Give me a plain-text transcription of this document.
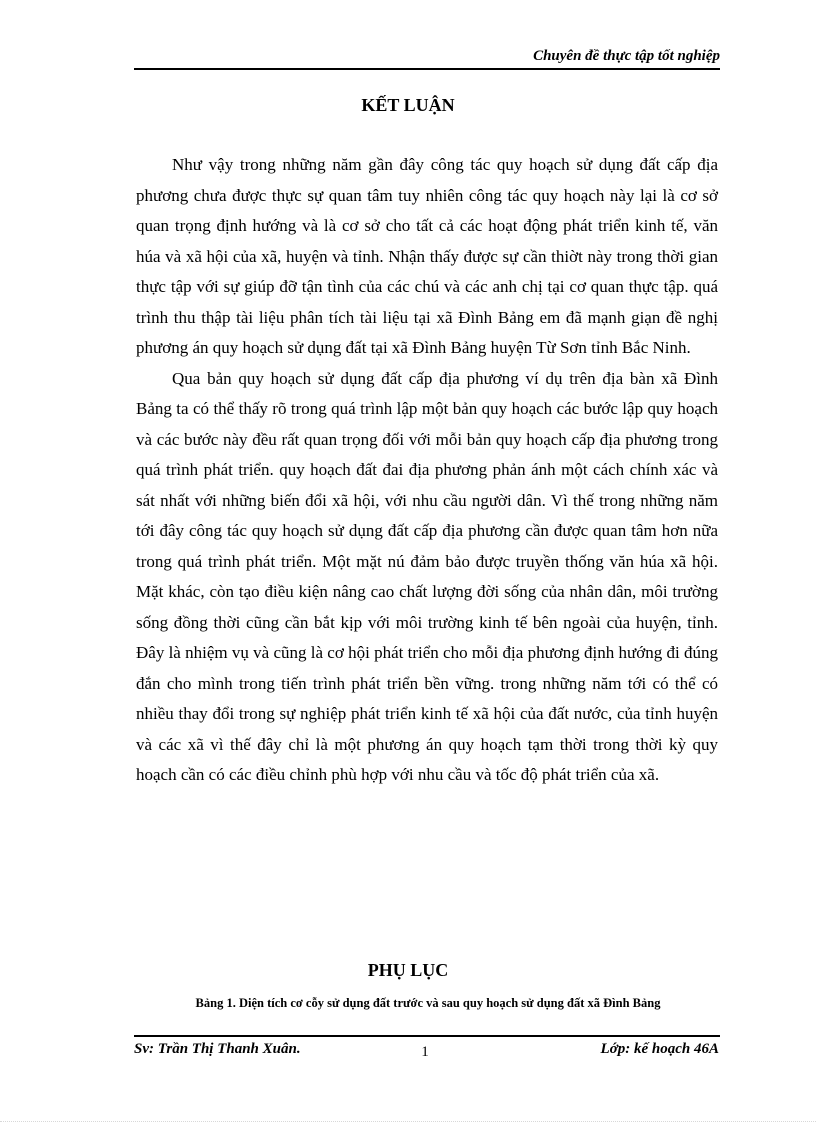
Chuyên đề thực tập tốt nghiệp
KẾT LUẬN

Như vậy trong những năm gần đây công tác quy hoạch sử dụng đất cấp địa phương chưa được thực sự quan tâm tuy nhiên công tác quy hoạch này lại là cơ sở quan trọng định hướng và là cơ sở cho tất cả các hoạt động phát triển kinh tế, văn húa và xã hội của xã, huyện và tỉnh. Nhận thấy được sự cần thiờt này trong thời gian thực tập với sự giúp đỡ tận tình của các chú và các anh chị tại cơ quan thực tập. quá trình thu thập tài liệu phân tích tài liệu tại xã Đình Bảng em đã mạnh giạn đề nghị phương án quy hoạch sử dụng đất tại xã Đình Bảng huyện Từ Sơn tỉnh Bắc Ninh.

Qua bản quy hoạch sử dụng đất cấp địa phương ví dụ trên địa bàn xã Đình Bảng ta có thể thấy rõ trong quá trình lập một bản quy hoạch các bước lập quy hoạch và các bước này đều rất quan trọng đối với mỗi bản quy hoạch cấp địa phương trong quá trình phát triển. quy hoạch đất đai địa phương phản ánh một cách chính xác và sát nhất với những biến đổi xã hội, với nhu cầu người dân. Vì thế trong những năm tới đây công tác quy hoạch sử dụng đất cấp địa phương cần được quan tâm hơn nữa trong quá trình phát triển. Một mặt nú đảm bảo được truyền thống văn húa xã hội. Mặt khác, còn tạo điều kiện nâng cao chất lượng đời sống của nhân dân, môi trường sống đồng thời cũng cần bắt kịp với môi trường kinh tế bên ngoài của huyện, tỉnh. Đây là nhiệm vụ và cũng là cơ hội phát triển cho mỗi địa phương định hướng đi đúng đắn cho mình trong tiến trình phát triển bền vững. trong những năm tới có thể có nhiều thay đổi trong sự nghiệp phát triển kinh tế xã hội của đất nước, của tỉnh huyện và các xã vì thế đây chỉ là một phương án quy hoạch tạm thời trong thời kỳ quy hoạch cần có các điều chỉnh phù hợp với nhu cầu và tốc độ phát triển của xã.

PHỤ LỤC
Bảng 1. Diện tích cơ cỗy sử dụng đất trước và sau quy hoạch sử dụng đất xã Đình Bảng
Sv: Trần Thị Thanh Xuân.	1	Lớp: kế hoạch 46A
